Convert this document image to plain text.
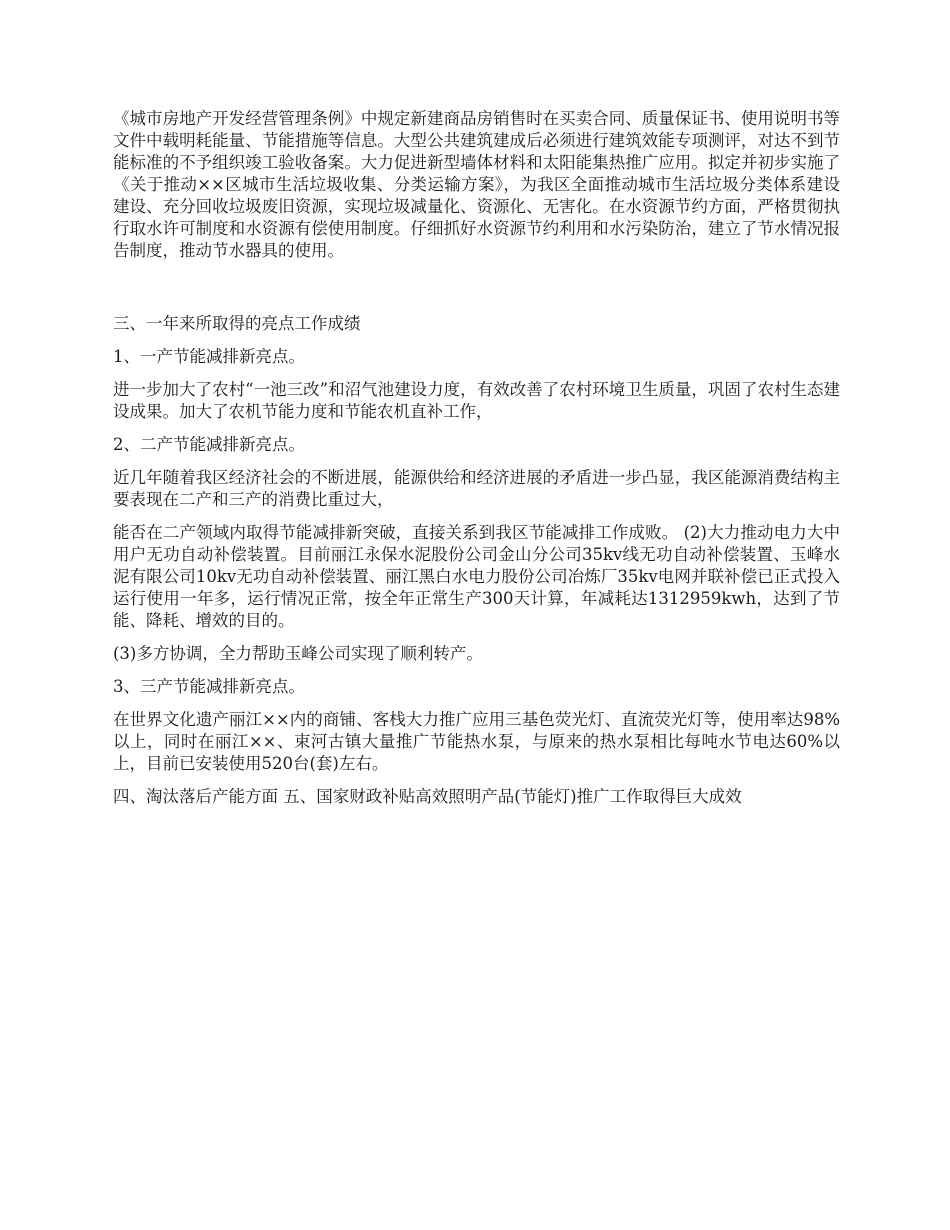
《城市房地产开发经营管理条例》中规定新建商品房销售时在买卖合同、质量保证书、使用说明书等文件中载明耗能量、节能措施等信息。大型公共建筑建成后必须进行建筑效能专项测评，对达不到节能标准的不予组织竣工验收备案。大力促进新型墙体材料和太阳能集热推广应用。拟定并初步实施了《关于推动××区城市生活垃圾收集、分类运输方案》，为我区全面推动城市生活垃圾分类体系建设建设、充分回收垃圾废旧资源，实现垃圾减量化、资源化、无害化。在水资源节约方面，严格贯彻执行取水许可制度和水资源有偿使用制度。仔细抓好水资源节约利用和水污染防治，建立了节水情况报告制度，推动节水器具的使用。

三、一年来所取得的亮点工作成绩

1、一产节能减排新亮点。

进一步加大了农村“一池三改”和沼气池建设力度，有效改善了农村环境卫生质量，巩固了农村生态建设成果。加大了农机节能力度和节能农机直补工作，

2、二产节能减排新亮点。

近几年随着我区经济社会的不断进展，能源供给和经济进展的矛盾进一步凸显，我区能源消费结构主要表现在二产和三产的消费比重过大，

能否在二产领域内取得节能减排新突破，直接关系到我区节能减排工作成败。 (2)大力推动电力大中用户无功自动补偿装置。目前丽江永保水泥股份公司金山分公司35kv线无功自动补偿装置、玉峰水泥有限公司10kv无功自动补偿装置、丽江黑白水电力股份公司冶炼厂35kv电网并联补偿已正式投入运行使用一年多，运行情况正常，按全年正常生产300天计算，年减耗达1312959kwh，达到了节能、降耗、增效的目的。

(3)多方协调，全力帮助玉峰公司实现了顺利转产。

3、三产节能减排新亮点。

在世界文化遗产丽江××内的商铺、客栈大力推广应用三基色荧光灯、直流荧光灯等，使用率达98%以上，同时在丽江××、束河古镇大量推广节能热水泵，与原来的热水泵相比每吨水节电达60%以上，目前已安装使用520台(套)左右。

四、淘汰落后产能方面 五、国家财政补贴高效照明产品(节能灯)推广工作取得巨大成效
